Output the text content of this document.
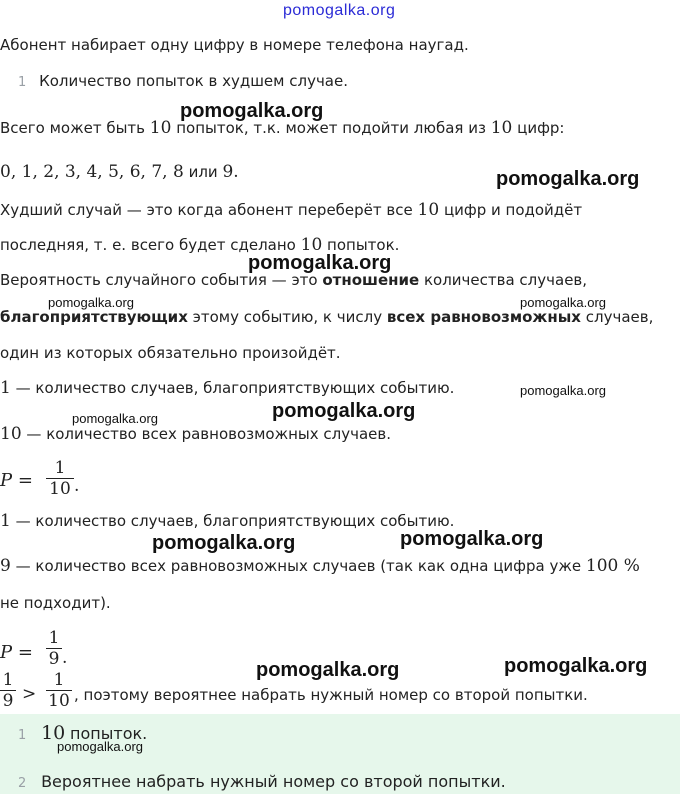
pomogalka.org
Абонент набирает одну цифру в номере телефона наугад.
1 Количество попыток в худшем случае.
pomogalka.org
Всего может быть 10 попыток, т.к. может подойти любая из 10 цифр:
0, 1, 2, 3, 4, 5, 6, 7, 8 или 9.	pomogalka.org
Худший случай — это когда абонент переберёт все 10 цифр и подойдёт
последняя, т. е. всего будет сделано 10 попыток.
pomogalka.org
Вероятность случайного события — это отношение количества случаев,
pomogalka.org	pomogalka.org
благоприятствующих этому событию, к числу всех равновозможных случаев,
один из которых обязательно произойдёт.
1 — количество случаев, благоприятствующих событию.	pomogalka.org
pomogalka.org
pomogalka.org
10 — количество всех равновозможных случаев.
$P = \frac{1}{10}$ .
1 — количество случаев, благоприятствующих событию.
pomogalka.org	pomogalka.org
9 — количество всех равновозможных случаев (так как одна цифра уже 100 %
не подходит).
$P = \frac{1}{9}$ .
pomogalka.org	pomogalka.org
$\frac{1}{9} > \frac{1}{10}$ , поэтому вероятнее набрать нужный номер со второй попытки.
1 10 попыток.
pomogalka.org
2 Вероятнее набрать нужный номер со второй попытки.
